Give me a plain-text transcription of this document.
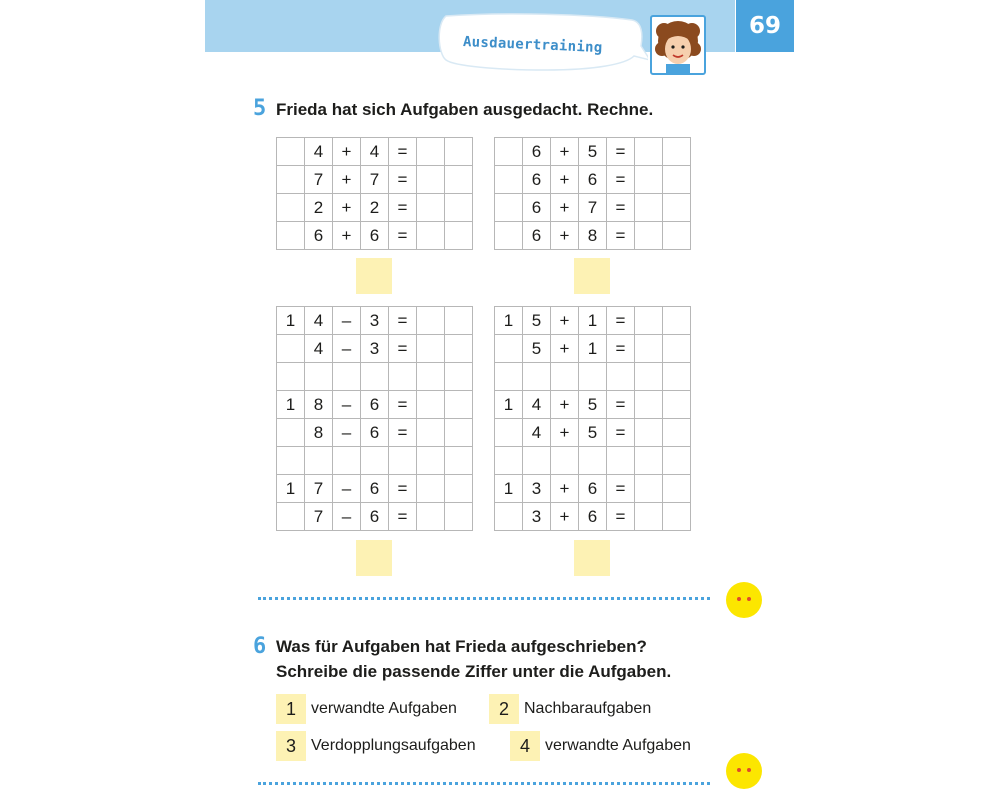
69
Ausdauertraining
5 Frieda hat sich Aufgaben ausgedacht. Rechne.
	4	+	4	=		
	7	+	7	=		
	2	+	2	=		
	6	+	6	=		
	6	+	5	=		
	6	+	6	=		
	6	+	7	=		
	6	+	8	=		
1	4	–	3	=		
	4	–	3	=		

1	8	–	6	=		
	8	–	6	=		

1	7	–	6	=		
	7	–	6	=		
1	5	+	1	=		
	5	+	1	=		

1	4	+	5	=		
	4	+	5	=		

1	3	+	6	=		
	3	+	6	=		
6 Was für Aufgaben hat Frieda aufgeschrieben?
Schreibe die passende Ziffer unter die Aufgaben.
1 verwandte Aufgaben	2 Nachbaraufgaben
3 Verdopplungsaufgaben	4 verwandte Aufgaben
